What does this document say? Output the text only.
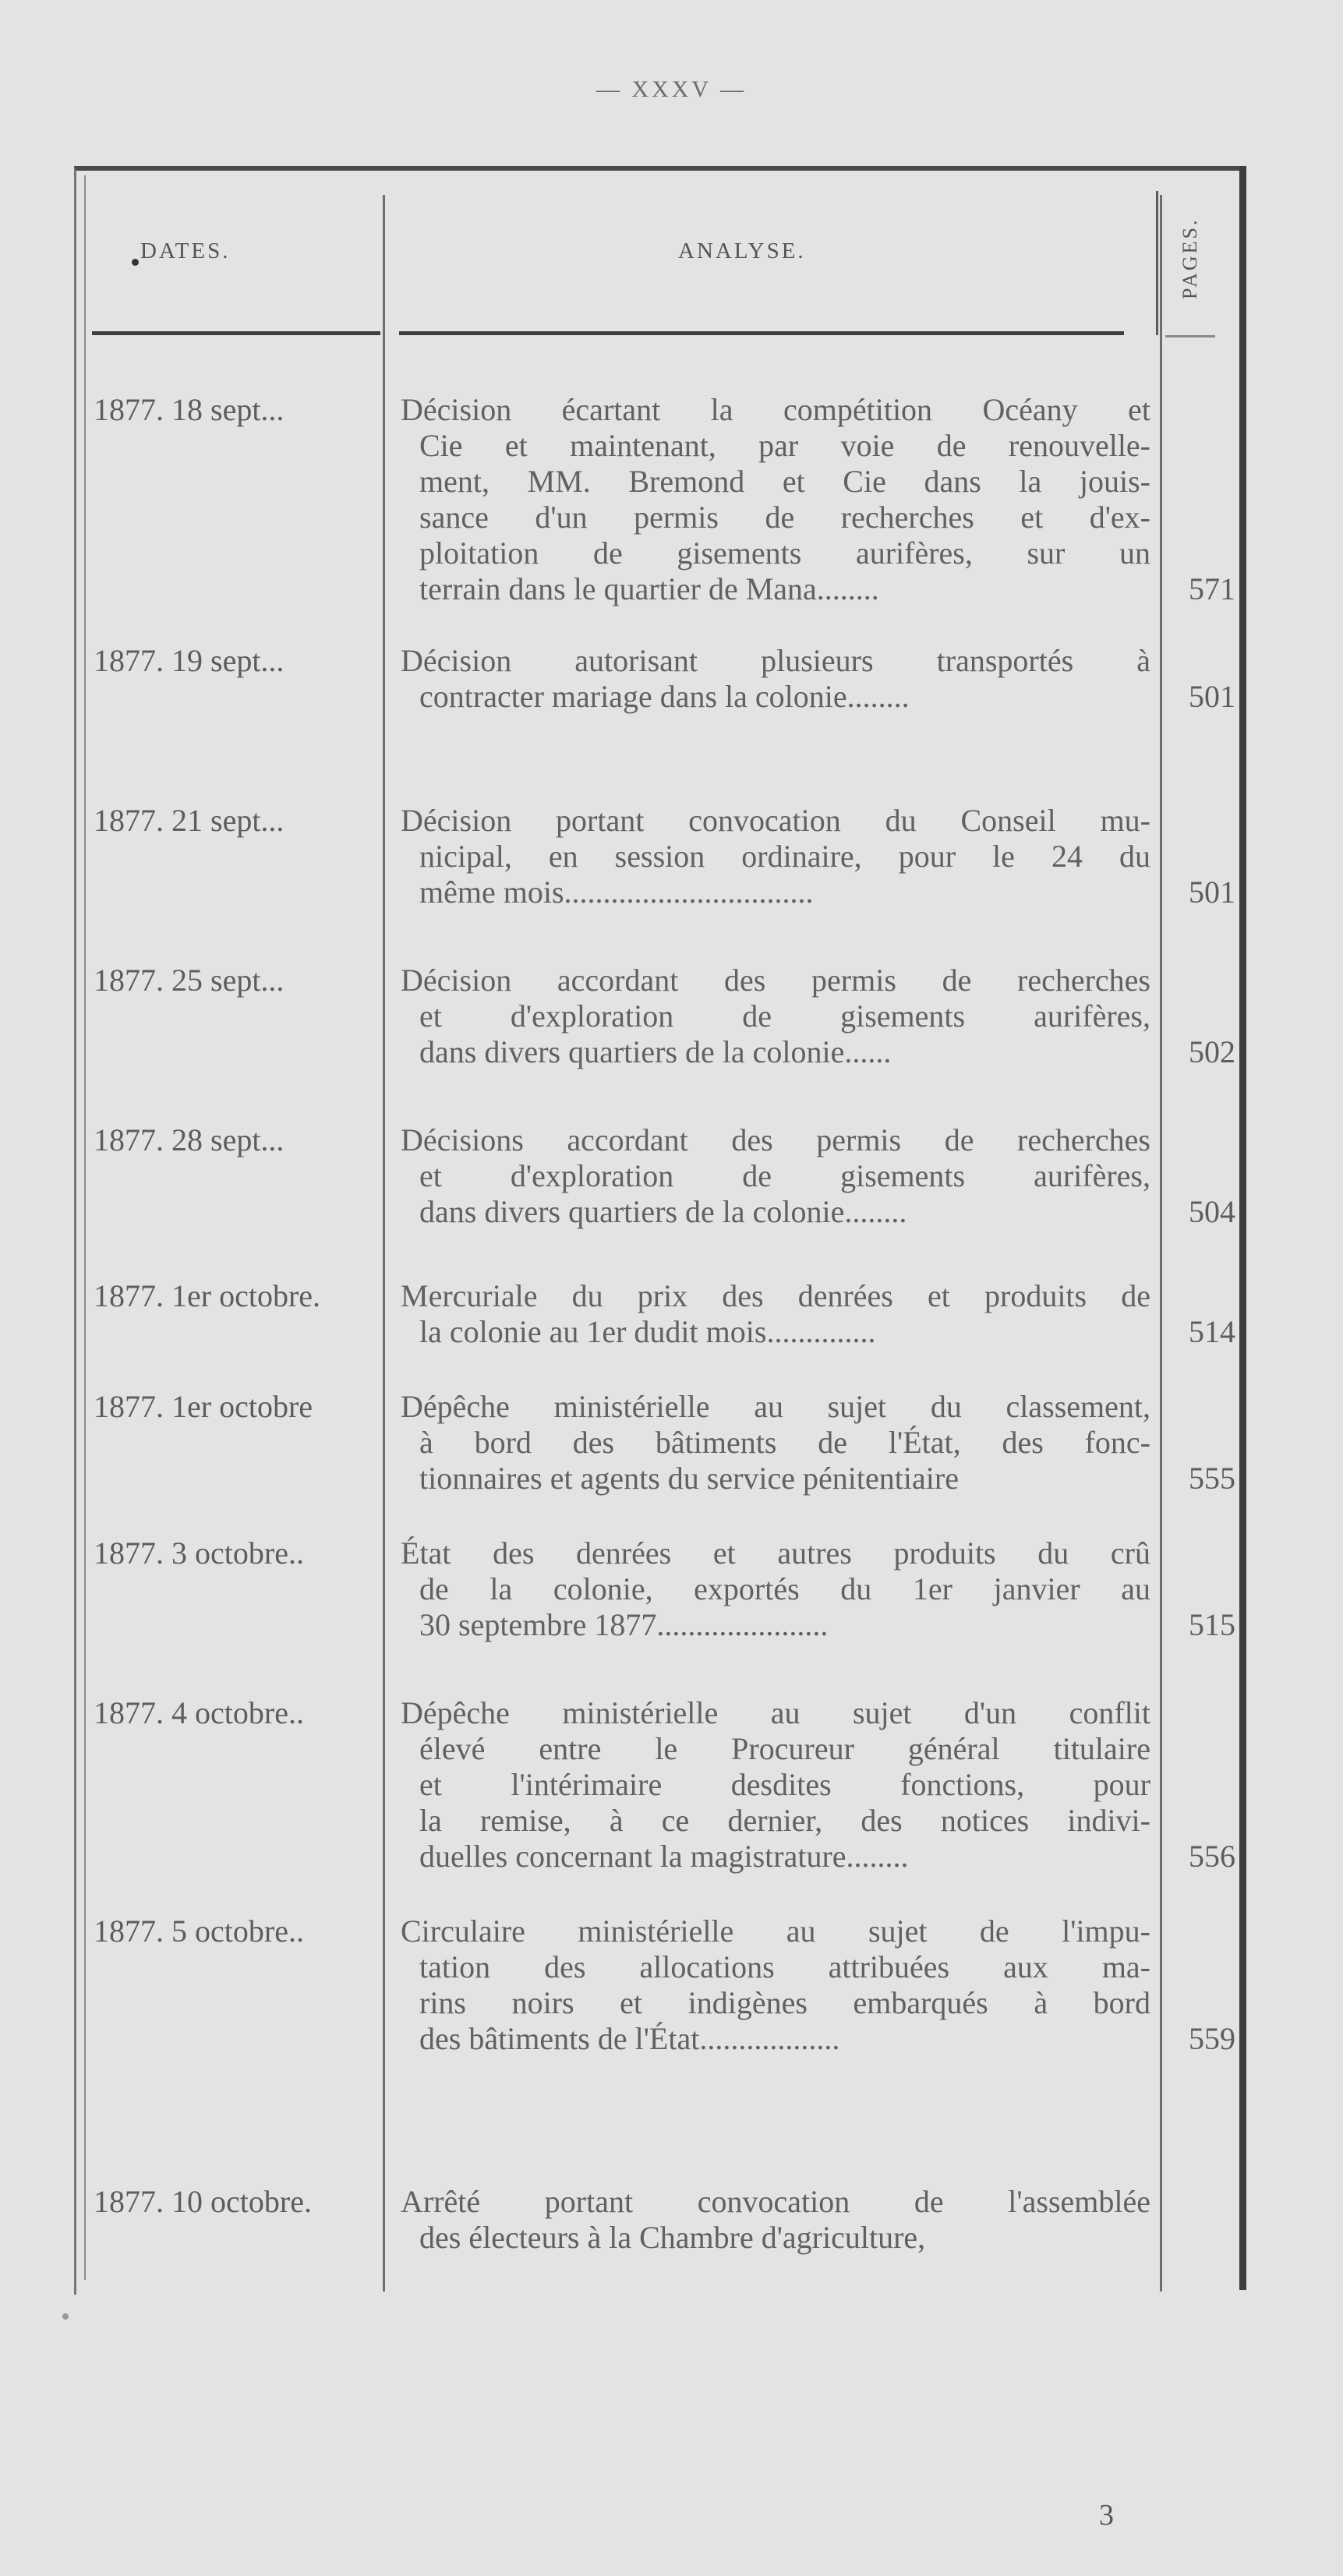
— XXXV —
DATES.	ANALYSE.	PAGES.
1877. 18 sept...	Décision écartant la compétition Océany et
Cie et maintenant, par voie de renouvelle-
ment, MM. Bremond et Cie dans la jouis-
sance d'un permis de recherches et d'ex-
ploitation de gisements aurifères, sur un
terrain dans le quartier de Mana........	571
1877. 19 sept...	Décision autorisant plusieurs transportés à
contracter mariage dans la colonie........	501
1877. 21 sept...	Décision portant convocation du Conseil mu-
nicipal, en session ordinaire, pour le 24 du
même mois................................	501
1877. 25 sept...	Décision accordant des permis de recherches
et d'exploration de gisements aurifères,
dans divers quartiers de la colonie......	502
1877. 28 sept...	Décisions accordant des permis de recherches
et d'exploration de gisements aurifères,
dans divers quartiers de la colonie........	504
1877. 1er octobre.	Mercuriale du prix des denrées et produits de
la colonie au 1er dudit mois..............	514
1877. 1er octobre	Dépêche ministérielle au sujet du classement,
à bord des bâtiments de l'État, des fonc-
tionnaires et agents du service pénitentiaire	555
1877. 3 octobre..	État des denrées et autres produits du crû
de la colonie, exportés du 1er janvier au
30 septembre 1877......................	515
1877. 4 octobre..	Dépêche ministérielle au sujet d'un conflit
élevé entre le Procureur général titulaire
et l'intérimaire desdites fonctions, pour
la remise, à ce dernier, des notices indivi-
duelles concernant la magistrature........	556
1877. 5 octobre..	Circulaire ministérielle au sujet de l'impu-
tation des allocations attribuées aux ma-
rins noirs et indigènes embarqués à bord
des bâtiments de l'État..................	559
1877. 10 octobre.	Arrêté portant convocation de l'assemblée
des électeurs à la Chambre d'agriculture,
3
